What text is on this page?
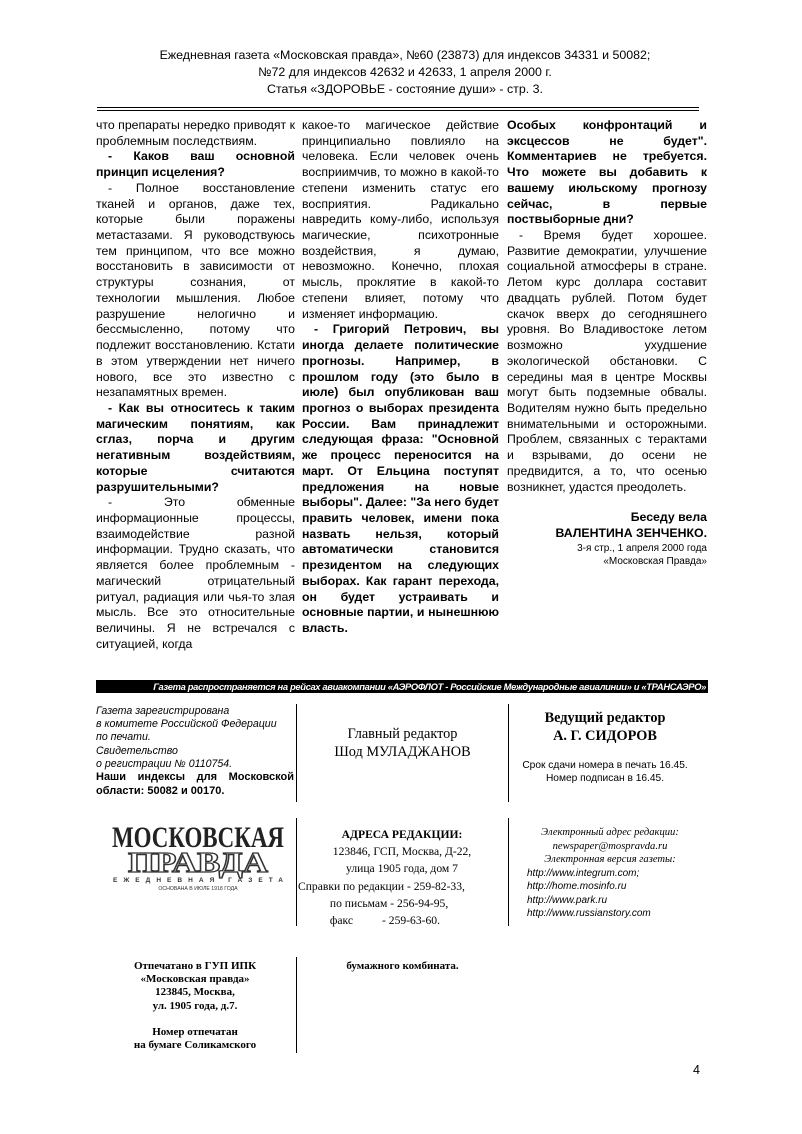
Ежедневная газета «Московская правда», №60 (23873) для индексов 34331 и 50082;
№72 для индексов 42632 и 42633, 1 апреля 2000 г.
Статья «ЗДОРОВЬЕ - состояние души» - стр. 3.

что препараты нередко приводят к проблемным последствиям.

- Каков ваш основной принцип исцеления?

- Полное восстановление тканей и органов, даже тех, которые были поражены метастазами. Я руководствуюсь тем принципом, что все можно восстановить в зависимости от структуры сознания, от технологии мышления. Любое разрушение нелогично и бессмысленно, потому что подлежит восстановлению. Кстати в этом утверждении нет ничего нового, все это известно с незапамятных времен.

- Как вы относитесь к таким магическим понятиям, как сглаз, порча и другим негативным воздействиям, которые считаются разрушительными?

- Это обменные информационные процессы, взаимодействие разной информации. Трудно сказать, что является более проблемным - магический отрицательный ритуал, радиация или чья-то злая мысль. Все это относительные величины. Я не встречался с ситуацией, когда

какое-то магическое действие принципиально повлияло на человека. Если человек очень восприимчив, то можно в какой-то степени изменить статус его восприятия. Радикально навредить кому-либо, используя магические, психотронные воздействия, я думаю, невозможно. Конечно, плохая мысль, проклятие в какой-то степени влияет, потому что изменяет информацию.

- Григорий Петрович, вы иногда делаете политические прогнозы. Например, в прошлом году (это было в июле) был опубликован ваш прогноз о выборах президента России. Вам принадлежит следующая фраза: "Основной же процесс переносится на март. От Ельцина поступят предложения на новые выборы". Далее: "За него будет править человек, имени пока назвать нельзя, который автоматически становится президентом на следующих выборах. Как гарант перехода, он будет устраивать и основные партии, и нынешнюю власть.

Особых конфронтаций и эксцессов не будет". Комментариев не требуется. Что можете вы добавить к вашему июльскому прогнозу сейчас, в первые поствыборные дни?

- Время будет хорошее. Развитие демократии, улучшение социальной атмосферы в стране. Летом курс доллара составит двадцать рублей. Потом будет скачок вверх до сегодняшнего уровня. Во Владивостоке летом возможно ухудшение экологической обстановки. С середины мая в центре Москвы могут быть подземные обвалы. Водителям нужно быть предельно внимательными и осторожными. Проблем, связанных с терактами и взрывами, до осени не предвидится, а то, что осенью возникнет, удастся преодолеть.

Беседу вела
ВАЛЕНТИНА ЗЕНЧЕНКО.
3-я стр., 1 апреля 2000 года
«Московская Правда»
Газета распространяется на рейсах авиакомпании «АЭРОФЛОТ - Российские Международные авиалинии» и «ТРАНСАЭРО»
Газета зарегистрирована
в комитете Российской Федерации
по печати.
Свидетельство
о регистрации № 0110754.
Наши индексы для Московской области: 50082 и 00170.
Главный редактор
Шод МУЛАДЖАНОВ
Ведущий редактор
А. Г. СИДОРОВ
Срок сдачи номера в печать 16.45.
Номер подписан в 16.45.
МОСКОВСКАЯ
ПРАВДА
ЕЖЕДНЕВНАЯ ГАЗЕТА
ОСНОВАНА В ИЮЛЕ 1918 ГОДА
АДРЕСА РЕДАКЦИИ:
123846, ГСП, Москва, Д-22,
улица 1905 года, дом 7
Справки по редакции - 259-82-33,
по письмам - 256-94-95,
факс          - 259-63-60.
Электронный адрес редакции:
newspaper@mospravda.ru
Электронная версия газеты:
http://www.integrum.com;
http://home.mosinfo.ru
http://www.park.ru
http://www.russianstory.com
Отпечатано в ГУП ИПК
«Московская правда»
123845, Москва,
ул. 1905 года, д.7.
Номер отпечатан
на бумаге Соликамского
бумажного комбината.
4
